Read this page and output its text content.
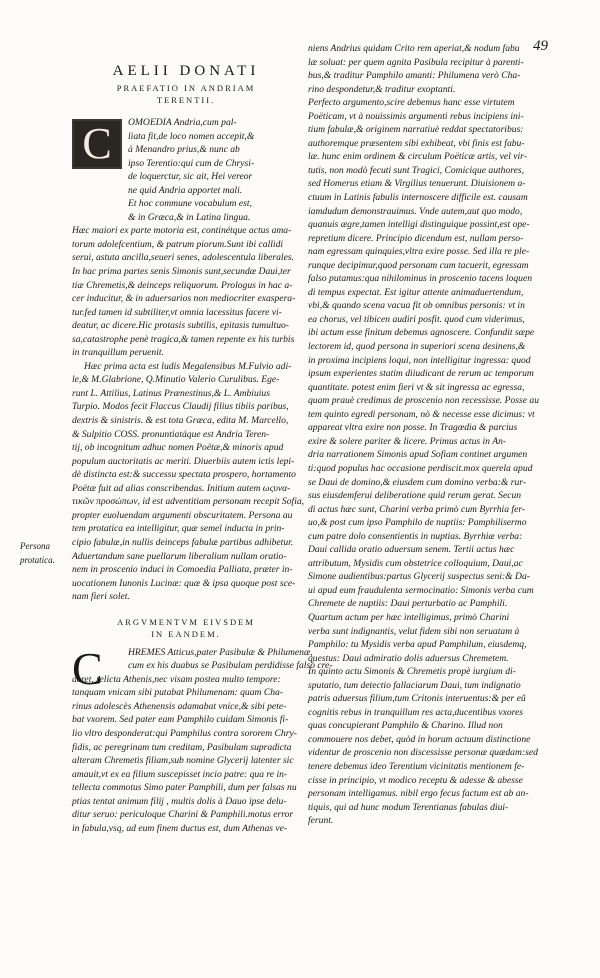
49
AELII DONATI
PRAEFATIO IN ANDRIAM
TERENTII.
C	OMOEDIA Andria,cum pal-
liata fit,de loco nomen accepit,&
à Menandro prius,& nunc ab
ipso Terentio:qui cum de Chrysi-
de loquerctur, sic ait, Hei vereor
ne quid Andria apportet mali.
Et hoc commune vocabulum est,
& in Græca,& in Latina lingua.
Hæc maiori ex parte motoria est, continétque actus ama-
torum adolefcentium, & patrum piorum.Sunt ibi callidi
serui, astuta ancilla,seueri senes, adolescentula liberales.
In hac prima partes senis Simonis sunt,secundæ Daui,ter
tiæ Chremetis,& deinceps reliquorum. Prologus in hac a-
cer inducitur, & in aduersarios non mediocriter exaspera-
tur.fed tamen id subtiliter,vt omnia lacessitus facere vi-
deatur, ac dicere.Hic protasis subtilis, epitasis tumultuo-
sa,catastrophe penè tragica,& tamen repente ex his turbis
in tranquillum peruenit.
Hæc prima acta est ludis Megalensibus M.Fulvio adi-
le,& M.Glabrione, Q.Minutio Valerio Curulibus. Ege-
runt L. Attilius, Latinus Prænestinus,& L. Ambiuius
Turpio. Modos fecit Flaccus Claudij filius tibiis paribus,
dextris & sinistris. & est tota Græca, edita M. Marcello,
& Sulpitio COSS. pronuntiatáque est Andria Teren-
tij, ob incognitum adhuc nomen Poëtæ,& minoris apud
populum auctoritatis ac meriti. Diuerbiis autem ictis lepi-
dè distincta est:& successu spectata prospero, hortamento
Poëtæ fuit ad alias conscribendas. Initium autem ωςυνα-
τικῶν προσώπων, id est adventitiam personam recepit Sofia,
propter euoluendam argumenti obscuritatem. Persona au
tem protatica ea intelligitur, quæ semel inducta in prin-
cipio fabulæ,in nullis deinceps fabulæ partibus adhibetur.
Aduertandum sane puellarum liberalium nullam oratio-
nem in proscenio induci in Comoedia Palliata, præter in-
uocationem Iunonis Lucinæ: quæ & ipsa quoque post sce-
nam fieri solet.
ARGVMENTVM EIVSDEM
IN EANDEM.
C	HREMES Atticus,pater Pasibulæ & Philumenæ,
cum ex his duabus se Pasibulam perdidisse falsò cre-
deret, relicta Athenis,nec visam postea multo tempore:
tanquam vnicam sibi putabat Philumenam: quam Cha-
rinus adolescès Athenensis adamabat vnice,& sibi pete-
bat vxorem. Sed pater eam Pamphilo cuidam Simonis fi-
lio vltro desponderat:qui Pamphilus contra sororem Chry-
fidis, ac peregrinam tum creditam, Pasibulam supradicta
alteram Chremetis filiam,sub nomine Glycerij latenter sic
amauit,vt ex ea filium suscepisset incio patre: qua re in-
tellecta commotus Simo pater Pamphili, dum per falsas nu
ptias tentat animum filij , multis dolis à Dauo ipse delu-
ditur seruo: periculoque Charini & Pamphili.motus error
in fabula,vsq, ad eum finem ductus est, dum Athenas ve-
Persona
protatica.
niens Andrius quidam Crito rem aperiat,& nodum fabu
læ soluat: per quem agnita Pasibula recipitur à parenti-
bus,& traditur Pamphilo amanti: Philumena verò Cha-
rino despondetur,& traditur exoptanti.
Perfecto argumento,scire debemus hanc esse virtutem
Poëticam, vt à nouissimis argumenti rebus incipiens ini-
tium fabulæ,& originem narratiuè reddat spectatoribus:
authoremque præsentem sibi exhibeat, vbi finis est fabu-
læ. hunc enim ordinem & circulum Poëticæ artis, vel vir-
tutis, non modò fecuti sunt Tragici, Comicique authores,
sed Homerus etiam & Virgilius tenuerunt. Diuisionem a-
ctuum in Latinis fabulis internoscere difficile est. causam
iamdudum demonstrauimus. Vnde autem,aut quo modo,
quanuis ægre,tamen intelligi distinguique possint,est ope-
repretium dicere. Principio dicendum est, nullam perso-
nam egressam quinquies,vltra exire posse. Sed illa re ple-
runque decipimur,quod personam cum tacuerit, egressam
falso putamus:qua nihilominus in proscenio tacens loquen
di tempus expectat. Est igitur attente animaduertendum,
vbi,& quando scena vacua fit ob omnibus personis: vt in
ea chorus, vel tibicen audiri posfit. quod cum viderimus,
ibi actum esse finitum debemus agnoscere. Confundit sæpe
lectorem id, quod persona in superiori scena desinens,&
in proxima incipiens loqui, non intelligitur ingressa: quod
ipsum experientes statim diiudicant de rerum ac temporum
quantitate. potest enim fieri vt & sit ingressa ac egressa,
quam prauè credimus de proscenio non recessisse. Posse au
tem quinto egredi personam, nò & necesse esse dicimus: vt
appareat vltra exire non posse. In Tragœdia & parcius
exire & solere pariter & licere. Primus actus in An-
dria narrationem Simonis apud Sofiam continet argumen
ti:quod populus hac occasione perdiscit.mox querela apud
se Daui de domino,& eiusdem cum domino verba:& rur-
sus eiusdemferui deliberatione quid rerum gerat. Secun
di actus hæc sunt, Charini verba primò cum Byrrhia fer-
uo,& post cum ipso Pamphilo de nuptiis: Pamphilisermo
cum patre dolo consentientis in nuptias. Byrrhiæ verba:
Daui callida oratio aduersum senem. Tertii actus hæc
attributum, Mysidis cum obstetrice colloquium, Daui,ac
Simone audientibus:partus Glycerij suspectus seni:& Da-
ui apud eum fraudulenta sermocinatio: Simonis verba cum
Chremete de nuptiis: Daui perturbatio ac Pamphili.
Quartum actum per hæc intelligimus, primò Charini
verba sunt indignantis, velut fidem sibi non seruatam à
Pamphilo: tu Mysidis verba apud Pamphilum, eiusdemq,
questus: Daui admiratio dolis aduersus Chremetem.
In quinto actu Simonis & Chremetis propè iurgium di-
sputatio, tum detectio fallaciarum Daui, tum indignatio
patris aduersus filium,tum Critonis interuentus:& per eũ
cognitis rebus in tranquillum res acta,ducentibus vxores
quas concupierant Pamphilo & Charino. Illud non
commouere nos debet, quòd in horum actuum distinctione
videntur de proscenio non discessisse personæ quædam:sed
tenere debemus ideo Terentium vicinitatis mentionem fe-
cisse in principio, vt modico receptu & adesse & abesse
personam intelligamus. nibil ergo fecus factum est ab an-
tiquis, qui ad hunc modum Terentianas fabulas diui-
ferunt.
